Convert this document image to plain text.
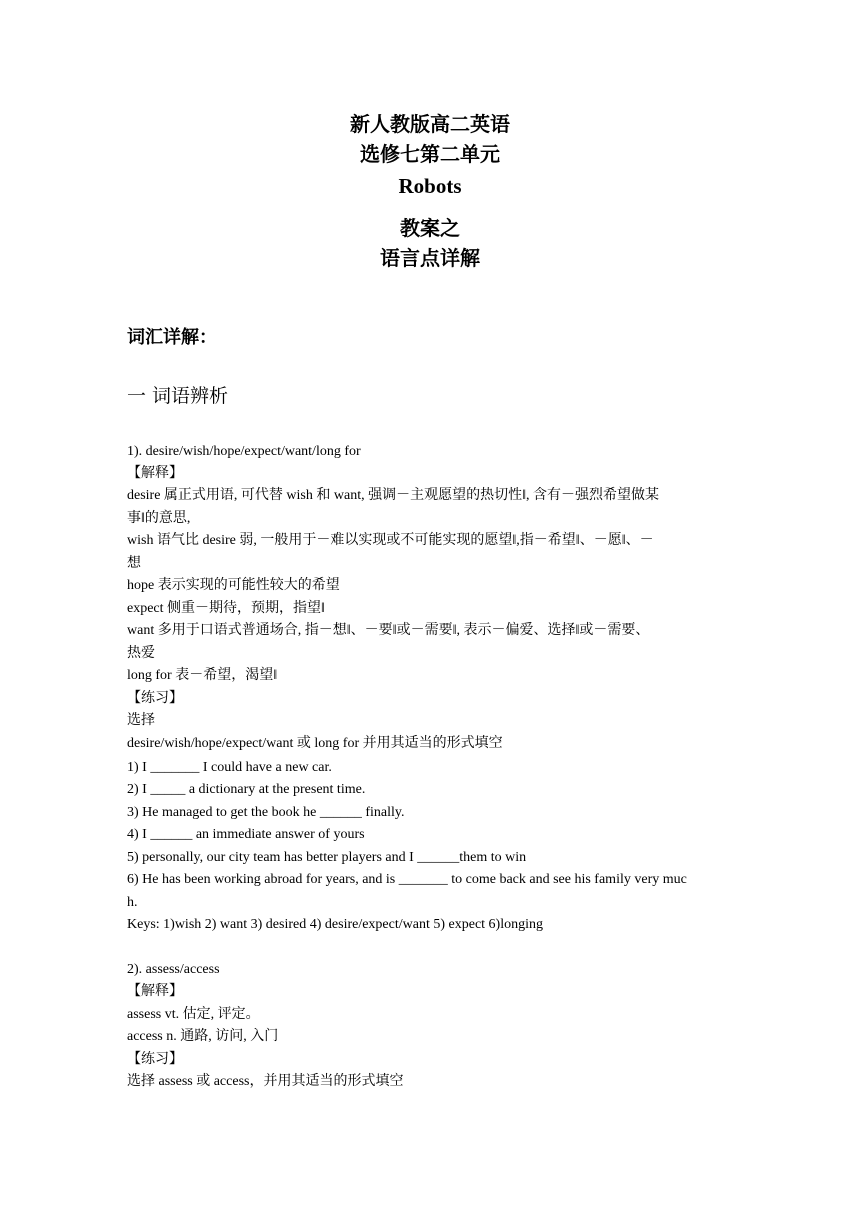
新人教版高二英语
选修七第二单元
Robots
教案之
语言点详解
词汇详解：
一 词语辨析
1). desire/wish/hope/expect/want/long for
【解释】
desire 属正式用语, 可代替 wish 和 want, 强调－主观愿望的热切性‖, 含有－强烈希望做某
事‖的意思,
wish 语气比 desire 弱, 一般用于－难以实现或不可能实现的愿望‖,指－希望‖、－愿‖、－
想
hope 表示实现的可能性较大的希望
expect 侧重－期待，预期，指望‖
want 多用于口语式普通场合, 指－想‖、－要‖或－需要‖, 表示－偏爱、选择‖或－需要、
热爱
long for 表－希望，渴望‖
【练习】
选择
desire/wish/hope/expect/want 或 long for 并用其适当的形式填空
1) I _______ I could have a new car.
2) I _____ a dictionary at the present time.
3) He managed to get the book he ______ finally.
4) I ______ an immediate answer of yours
5) personally, our city team has better players and I ______them to win
6) He has been working abroad for years, and is _______ to come back and see his family very muc
h.
Keys: 1)wish 2) want 3) desired 4) desire/expect/want 5) expect 6)longing
2). assess/access
【解释】
assess vt. 估定, 评定。
access n. 通路, 访问, 入门
【练习】
选择 assess 或 access，并用其适当的形式填空
